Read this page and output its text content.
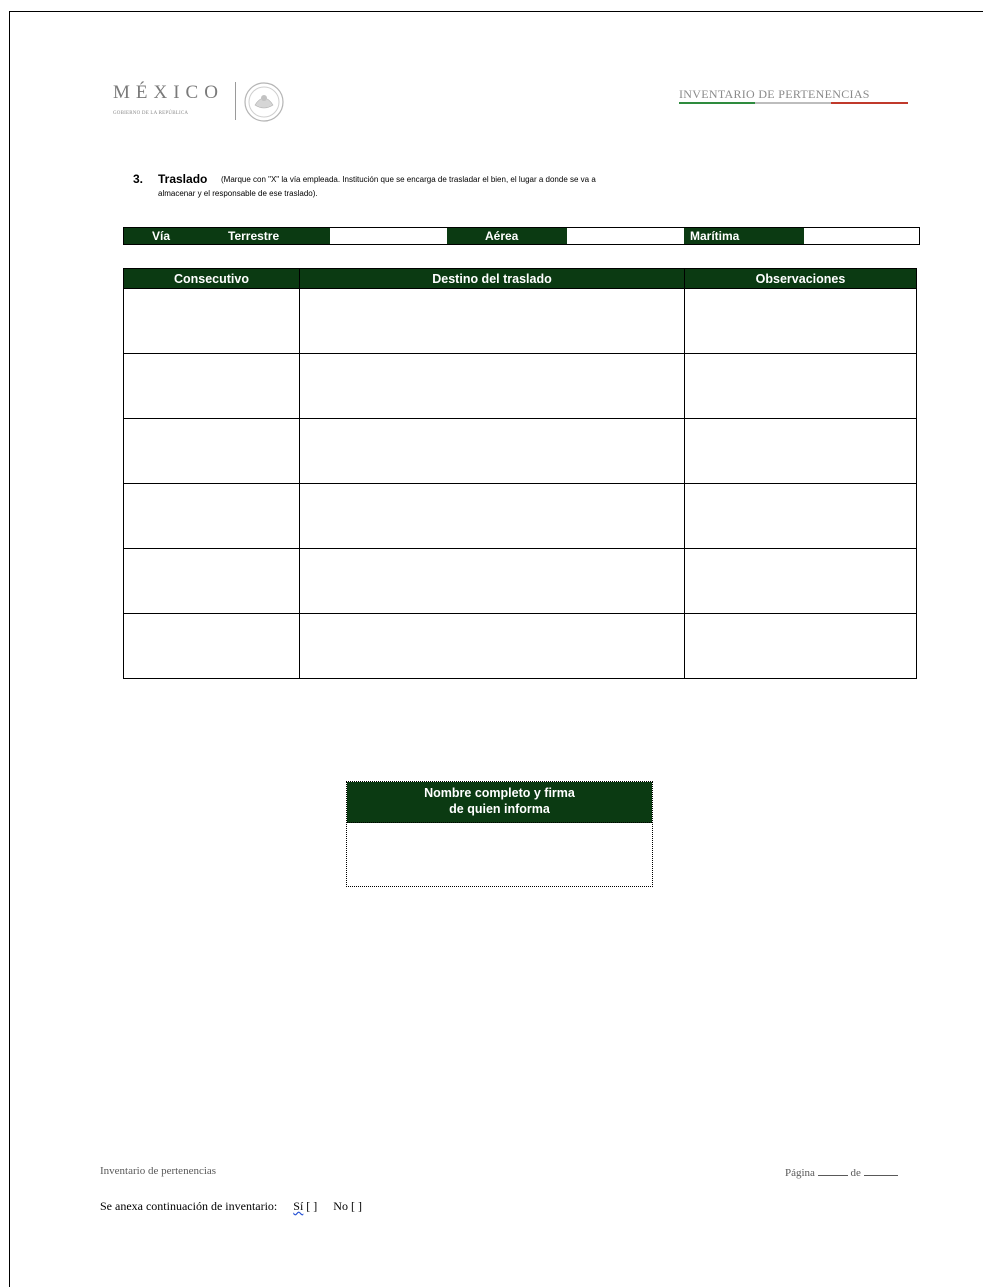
MÉXICO
GOBIERNO DE LA REPÚBLICA
INVENTARIO DE PERTENENCIAS
3. Traslado (Marque con "X" la vía empleada. Institución que se encarga de trasladar el bien, el lugar a donde se va a
almacenar y el responsable de ese traslado).
Vía	Terrestre	Aérea	Marítima
Consecutivo	Destino del traslado	Observaciones

Nombre completo y firma
de quien informa
Inventario de pertenencias	Página	de
Se anexa continuación de inventario: Sí [ ] No [ ]
